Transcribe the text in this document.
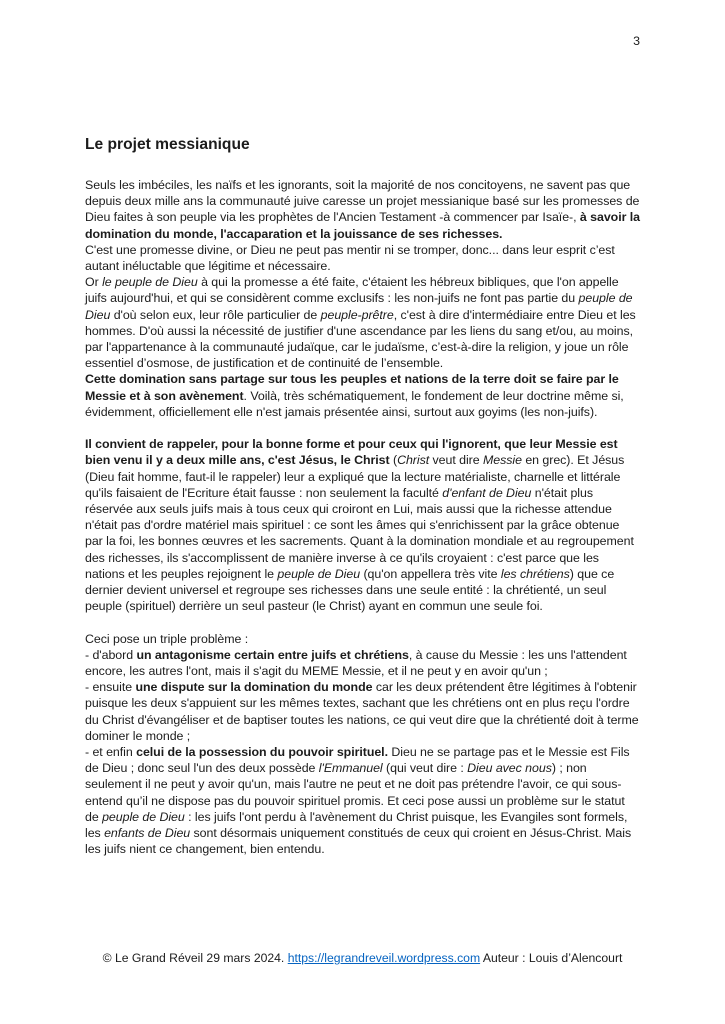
3
Le projet messianique

Seuls les imbéciles, les naïfs et les ignorants, soit la majorité de nos concitoyens, ne savent pas que depuis deux mille ans la communauté juive caresse un projet messianique basé sur les promesses de Dieu faites à son peuple via les prophètes de l'Ancien Testament -à commencer par Isaïe-, à savoir la domination du monde, l'accaparation et la jouissance de ses richesses.

C'est une promesse divine, or Dieu ne peut pas mentir ni se tromper, donc... dans leur esprit c’est autant inéluctable que légitime et nécessaire.

Or le peuple de Dieu à qui la promesse a été faite, c'étaient les hébreux bibliques, que l'on appelle juifs aujourd'hui, et qui se considèrent comme exclusifs : les non-juifs ne font pas partie du peuple de Dieu d'où selon eux, leur rôle particulier de peuple-prêtre, c'est à dire d'intermédiaire entre Dieu et les hommes. D'où aussi la nécessité de justifier d'une ascendance par les liens du sang et/ou, au moins, par l'appartenance à la communauté judaïque, car le judaïsme, c’est-à-dire la religion, y joue un rôle essentiel d’osmose, de justification et de continuité de l’ensemble.

Cette domination sans partage sur tous les peuples et nations de la terre doit se faire par le Messie et à son avènement. Voilà, très schématiquement, le fondement de leur doctrine même si, évidemment, officiellement elle n'est jamais présentée ainsi, surtout aux goyims (les non-juifs).

Il convient de rappeler, pour la bonne forme et pour ceux qui l'ignorent, que leur Messie est bien venu il y a deux mille ans, c'est Jésus, le Christ (Christ veut dire Messie en grec). Et Jésus (Dieu fait homme, faut-il le rappeler) leur a expliqué que la lecture matérialiste, charnelle et littérale qu'ils faisaient de l'Ecriture était fausse : non seulement la faculté d'enfant de Dieu n'était plus réservée aux seuls juifs mais à tous ceux qui croiront en Lui, mais aussi que la richesse attendue n'était pas d'ordre matériel mais spirituel : ce sont les âmes qui s'enrichissent par la grâce obtenue par la foi, les bonnes œuvres et les sacrements. Quant à la domination mondiale et au regroupement des richesses, ils s'accomplissent de manière inverse à ce qu'ils croyaient : c'est parce que les nations et les peuples rejoignent le peuple de Dieu (qu'on appellera très vite les chrétiens) que ce dernier devient universel et regroupe ses richesses dans une seule entité : la chrétienté, un seul peuple (spirituel) derrière un seul pasteur (le Christ) ayant en commun une seule foi.

Ceci pose un triple problème :

- d'abord un antagonisme certain entre juifs et chrétiens, à cause du Messie : les uns l'attendent encore, les autres l'ont, mais il s'agit du MEME Messie, et il ne peut y en avoir qu'un ;

- ensuite une dispute sur la domination du monde car les deux prétendent être légitimes à l'obtenir puisque les deux s'appuient sur les mêmes textes, sachant que les chrétiens ont en plus reçu l'ordre du Christ d'évangéliser et de baptiser toutes les nations, ce qui veut dire que la chrétienté doit à terme dominer le monde ;

- et enfin celui de la possession du pouvoir spirituel. Dieu ne se partage pas et le Messie est Fils de Dieu ; donc seul l'un des deux possède l'Emmanuel (qui veut dire : Dieu avec nous) ; non seulement il ne peut y avoir qu'un, mais l'autre ne peut et ne doit pas prétendre l'avoir, ce qui sous-entend qu’il ne dispose pas du pouvoir spirituel promis. Et ceci pose aussi un problème sur le statut de peuple de Dieu : les juifs l'ont perdu à l'avènement du Christ puisque, les Evangiles sont formels, les enfants de Dieu sont désormais uniquement constitués de ceux qui croient en Jésus-Christ. Mais les juifs nient ce changement, bien entendu.

© Le Grand Réveil 29 mars 2024. https://legrandreveil.wordpress.com Auteur : Louis d’Alencourt
